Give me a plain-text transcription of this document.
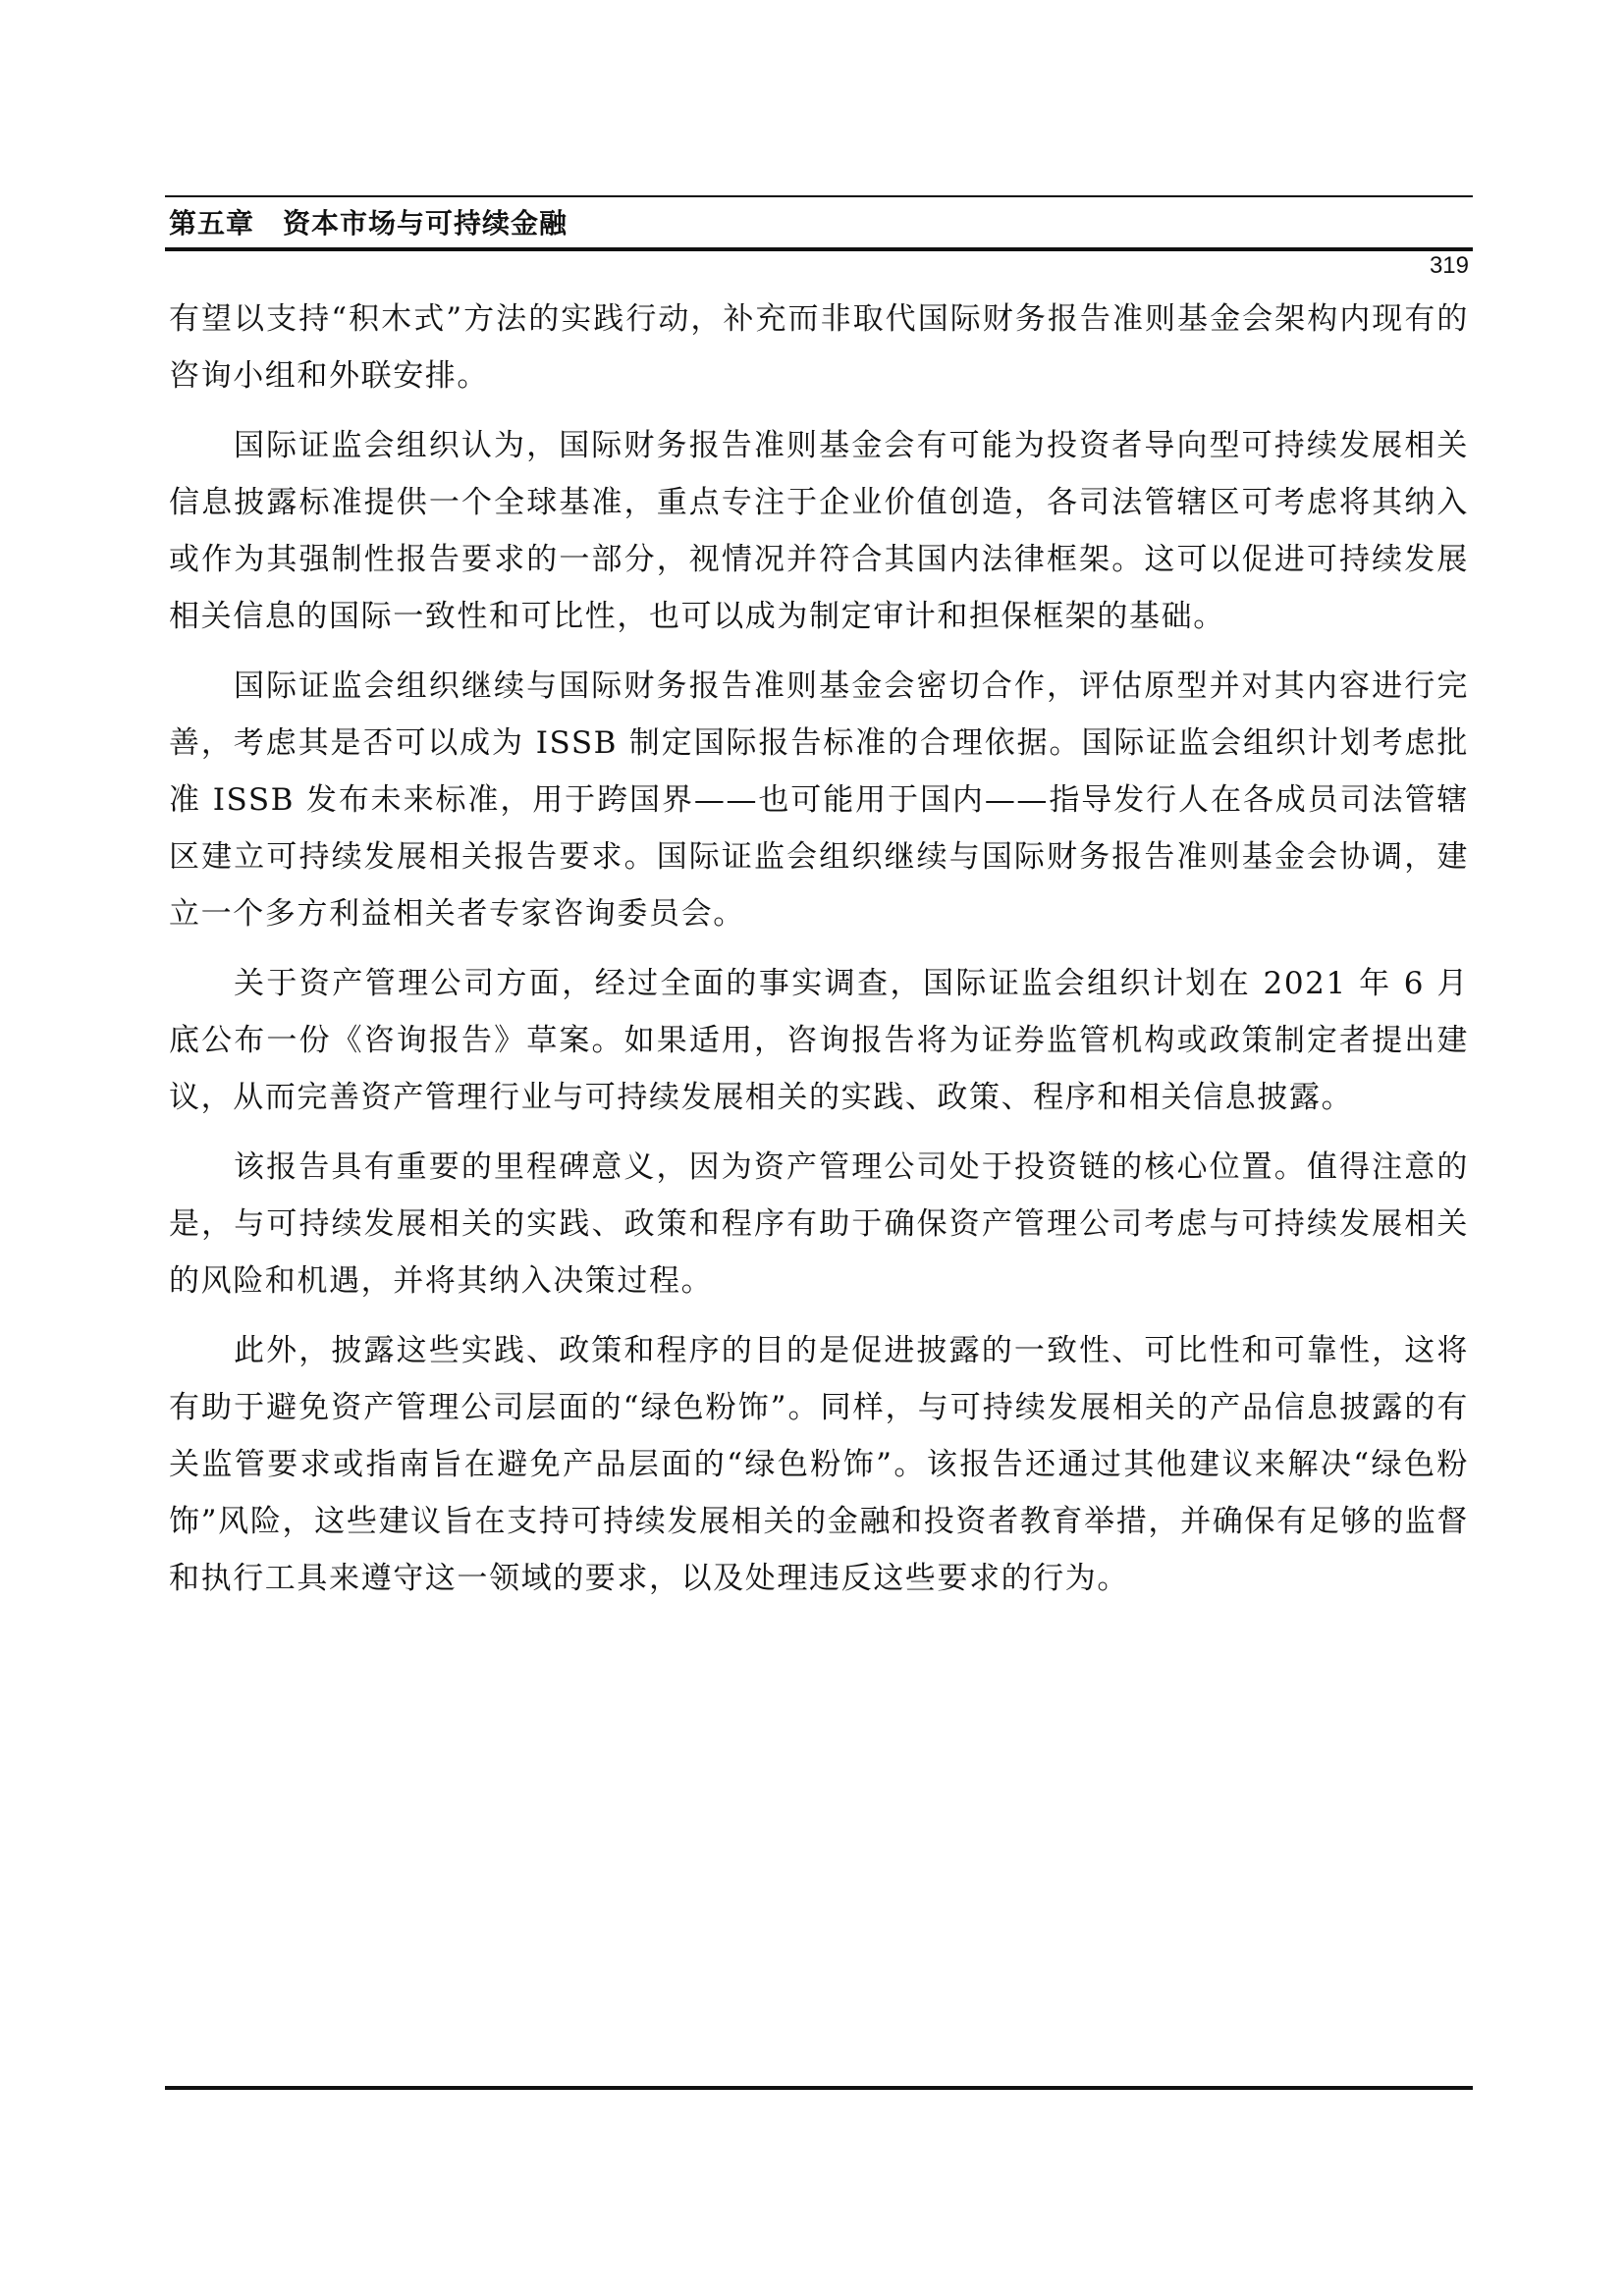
第五章　资本市场与可持续金融
319

有望以支持“积木式”方法的实践行动，补充而非取代国际财务报告准则基金会架构内现有的咨询小组和外联安排。

国际证监会组织认为，国际财务报告准则基金会有可能为投资者导向型可持续发展相关信息披露标准提供一个全球基准，重点专注于企业价值创造，各司法管辖区可考虑将其纳入或作为其强制性报告要求的一部分，视情况并符合其国内法律框架。这可以促进可持续发展相关信息的国际一致性和可比性，也可以成为制定审计和担保框架的基础。

国际证监会组织继续与国际财务报告准则基金会密切合作，评估原型并对其内容进行完善，考虑其是否可以成为 ISSB 制定国际报告标准的合理依据。国际证监会组织计划考虑批准 ISSB 发布未来标准，用于跨国界——也可能用于国内——指导发行人在各成员司法管辖区建立可持续发展相关报告要求。国际证监会组织继续与国际财务报告准则基金会协调，建立一个多方利益相关者专家咨询委员会。

关于资产管理公司方面，经过全面的事实调查，国际证监会组织计划在 2021 年 6 月底公布一份《咨询报告》草案。如果适用，咨询报告将为证券监管机构或政策制定者提出建议，从而完善资产管理行业与可持续发展相关的实践、政策、程序和相关信息披露。

该报告具有重要的里程碑意义，因为资产管理公司处于投资链的核心位置。值得注意的是，与可持续发展相关的实践、政策和程序有助于确保资产管理公司考虑与可持续发展相关的风险和机遇，并将其纳入决策过程。

此外，披露这些实践、政策和程序的目的是促进披露的一致性、可比性和可靠性，这将有助于避免资产管理公司层面的“绿色粉饰”。同样，与可持续发展相关的产品信息披露的有关监管要求或指南旨在避免产品层面的“绿色粉饰”。该报告还通过其他建议来解决“绿色粉饰”风险，这些建议旨在支持可持续发展相关的金融和投资者教育举措，并确保有足够的监督和执行工具来遵守这一领域的要求，以及处理违反这些要求的行为。
